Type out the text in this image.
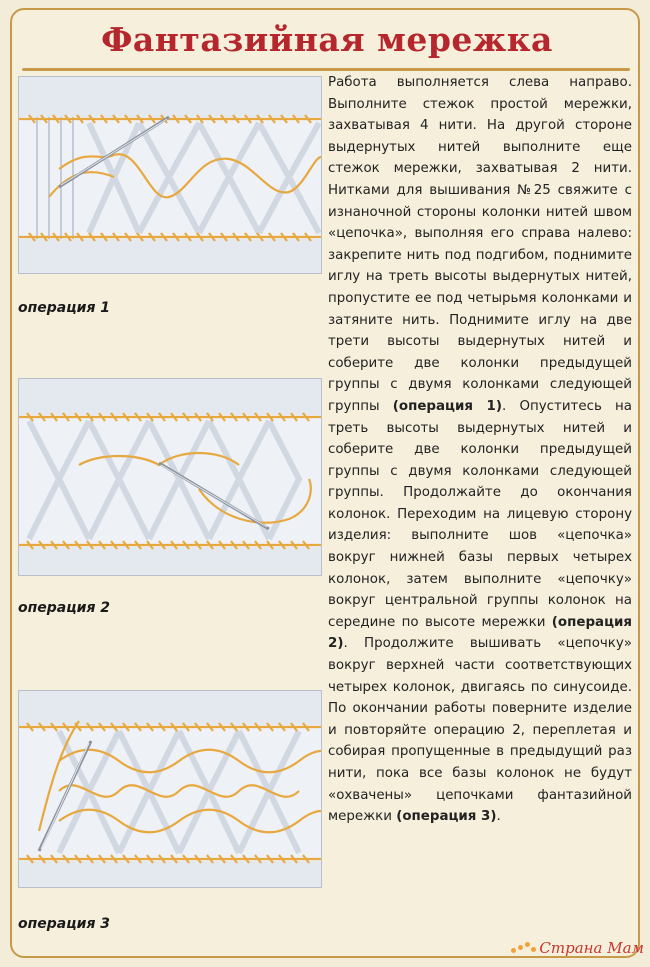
Фантазийная мережка
операция 1
операция 2
операция 3

Работа выполняется слева направо. Выполните стежок простой мережки, захватывая 4 нити. На другой стороне выдернутых нитей выполните еще стежок мережки, захватывая 2 нити. Нитками для вышивания №25 свяжите с изнаночной стороны колонки нитей швом «цепочка», выполняя его справа налево: закрепите нить под подгибом, поднимите иглу на треть высоты выдернутых нитей, пропустите ее под четырьмя колонками и затяните нить. Поднимите иглу на две трети высоты выдернутых нитей и соберите две колонки предыдущей группы с двумя колонками следующей группы (операция 1). Опуститесь на треть высоты выдернутых нитей и соберите две колонки предыдущей группы с двумя колонками следующей группы. Продолжайте до окончания колонок. Переходим на лицевую сторону изделия: выполните шов «цепочка» вокруг нижней базы первых четырех колонок, затем выполните «цепочку» вокруг центральной группы колонок на середине по высоте мережки (операция 2). Продолжите вышивать «цепочку» вокруг верхней части соответствующих четырех колонок, двигаясь по синусоиде. По окончании работы поверните изделие и повторяйте операцию 2, переплетая и собирая пропущенные в предыдущий раз нити, пока все базы колонок не будут «охвачены» цепочками фантазийной мережки (операция 3).

Страна Мам
